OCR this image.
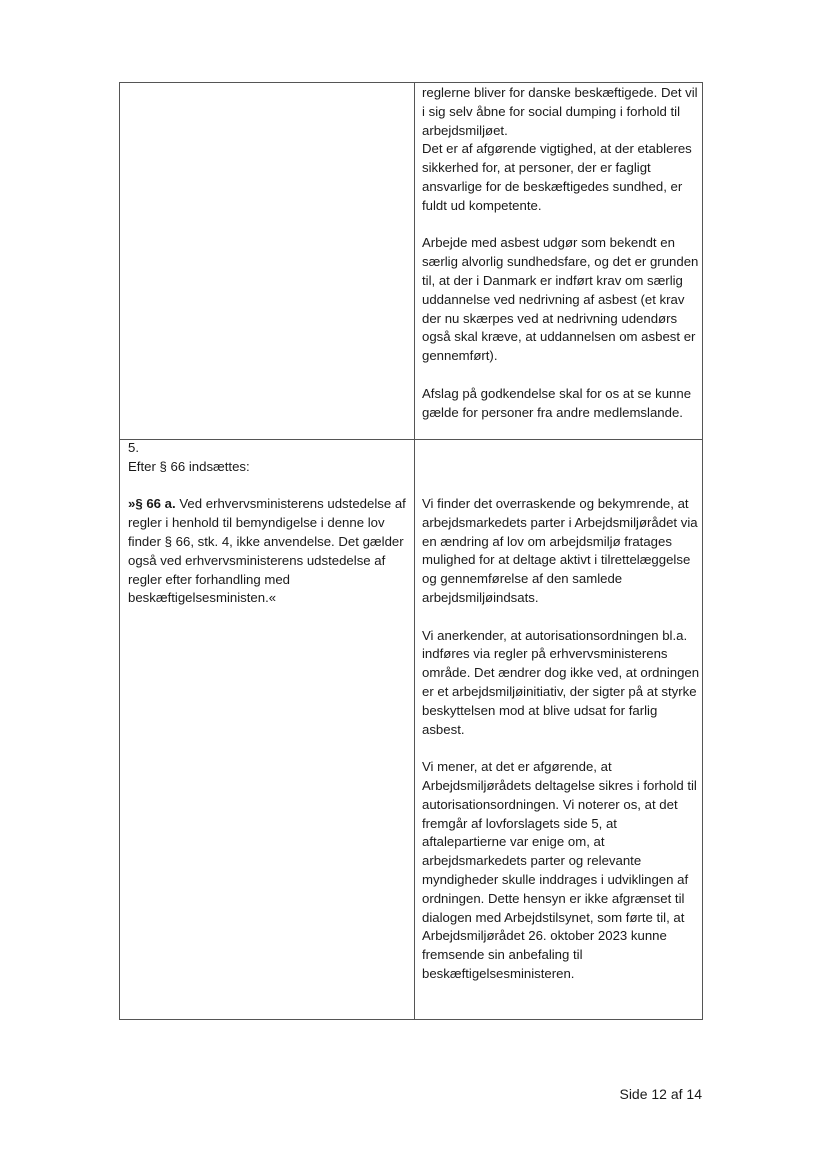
reglerne bliver for danske beskæftigede. Det vil i sig selv åbne for social dumping i forhold til arbejdsmiljøet.

Det er af afgørende vigtighed, at der etableres sikkerhed for, at personer, der er fagligt ansvarlige for de beskæftigedes sundhed, er fuldt ud kompetente.

Arbejde med asbest udgør som bekendt en særlig alvorlig sundhedsfare, og det er grunden til, at der i Danmark er indført krav om særlig uddannelse ved nedrivning af asbest (et krav der nu skærpes ved at nedrivning udendørs også skal kræve, at uddannelsen om asbest er gennemført).

Afslag på godkendelse skal for os at se kunne gælde for personer fra andre medlemslande.

5.

Efter § 66 indsættes:

»§ 66 a. Ved erhvervsministerens udstedelse af regler i henhold til bemyndigelse i denne lov finder § 66, stk. 4, ikke anvendelse. Det gælder også ved erhvervsministerens udstedelse af regler efter forhandling med beskæftigelsesministen.«

Vi finder det overraskende og bekymrende, at arbejdsmarkedets parter i Arbejdsmiljørådet via en ændring af lov om arbejdsmiljø fratages mulighed for at deltage aktivt i tilrettelæggelse og gennemførelse af den samlede arbejdsmiljøindsats.

Vi anerkender, at autorisationsordningen bl.a. indføres via regler på erhvervsministerens område. Det ændrer dog ikke ved, at ordningen er et arbejdsmiljøinitiativ, der sigter på at styrke beskyttelsen mod at blive udsat for farlig asbest.

Vi mener, at det er afgørende, at Arbejdsmiljørådets deltagelse sikres i forhold til autorisationsordningen. Vi noterer os, at det fremgår af lovforslagets side 5, at aftalepartierne var enige om, at arbejdsmarkedets parter og relevante myndigheder skulle inddrages i udviklingen af ordningen. Dette hensyn er ikke afgrænset til dialogen med Arbejdstilsynet, som førte til, at Arbejdsmiljørådet 26. oktober 2023 kunne fremsende sin anbefaling til beskæftigelsesministeren.

Side 12 af 14
